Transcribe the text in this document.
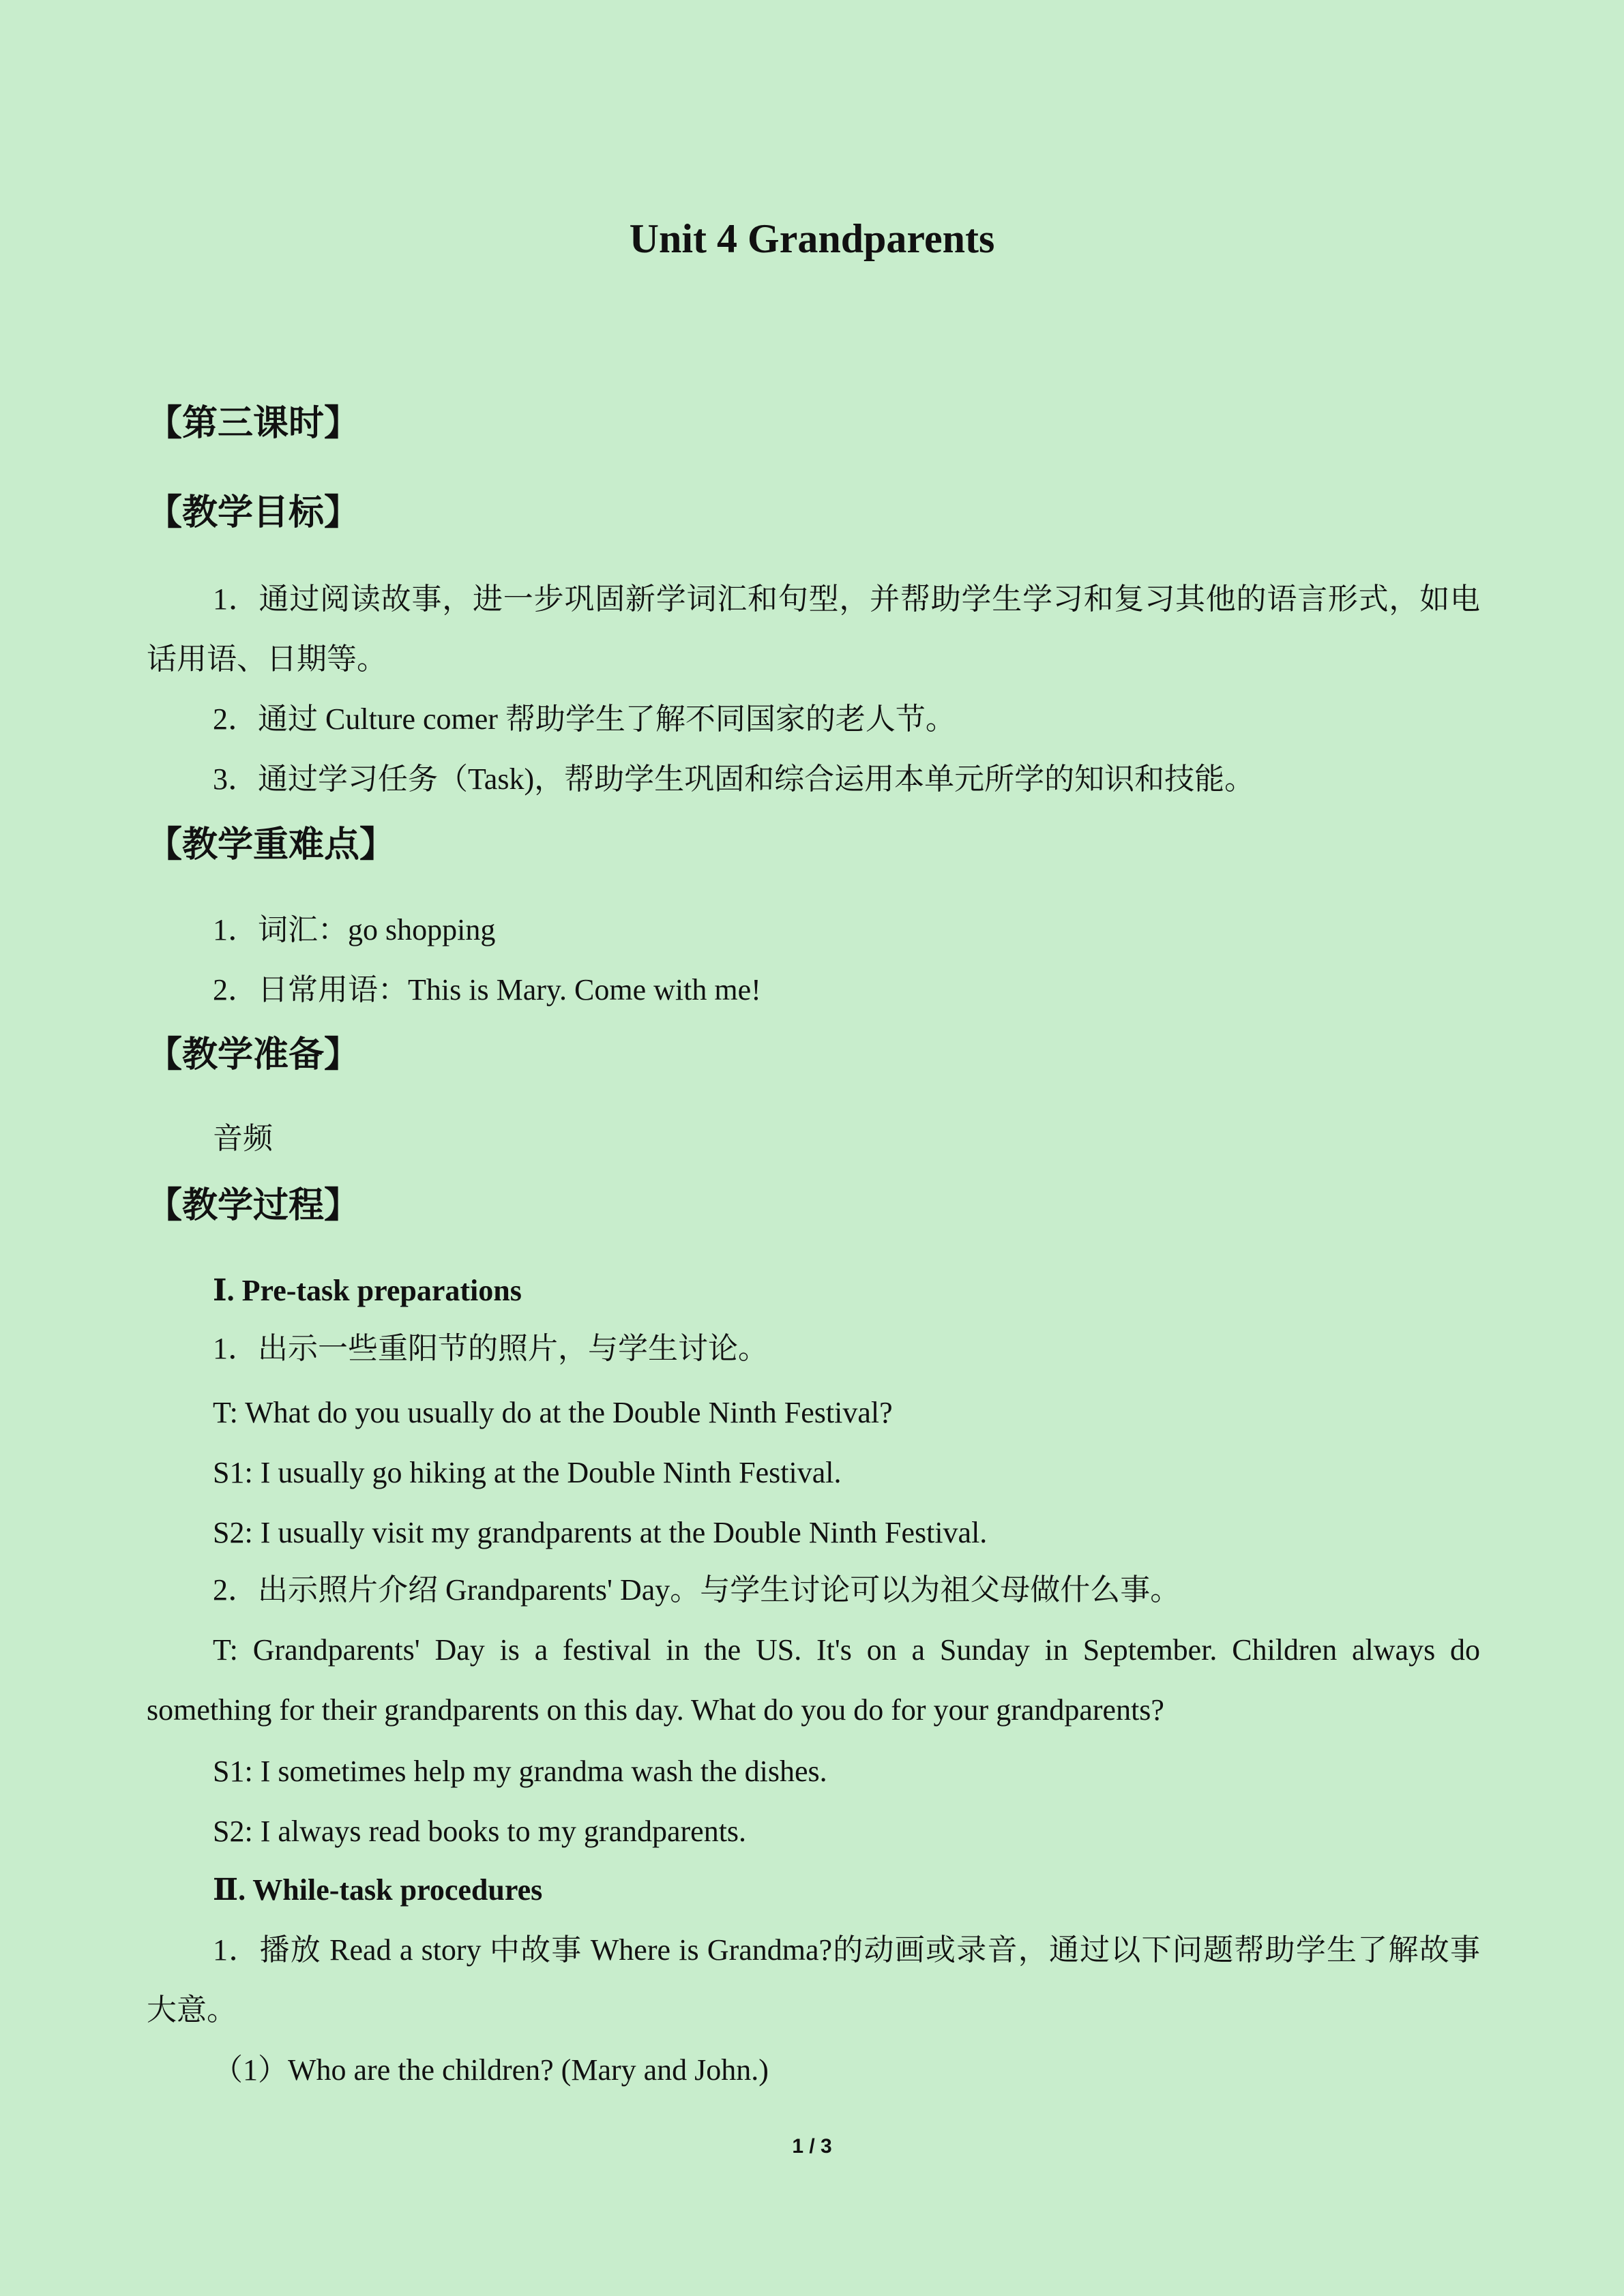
Unit 4 Grandparents
【第三课时】
【教学目标】
1．通过阅读故事，进一步巩固新学词汇和句型，并帮助学生学习和复习其他的语言形式，如电话用语、日期等。
2．通过 Culture comer 帮助学生了解不同国家的老人节。
3．通过学习任务（Task)，帮助学生巩固和综合运用本单元所学的知识和技能。
【教学重难点】
1．词汇：go shopping
2．日常用语：This is Mary. Come with me!
【教学准备】
音频
【教学过程】
Ⅰ. Pre-task preparations
1．出示一些重阳节的照片，与学生讨论。
T: What do you usually do at the Double Ninth Festival?
S1: I usually go hiking at the Double Ninth Festival.
S2: I usually visit my grandparents at the Double Ninth Festival.
2．出示照片介绍 Grandparents' Day。与学生讨论可以为祖父母做什么事。
T: Grandparents' Day is a festival in the US. It's on a Sunday in September. Children always do something for their grandparents on this day. What do you do for your grandparents?
S1: I sometimes help my grandma wash the dishes.
S2: I always read books to my grandparents.
Ⅱ. While-task procedures
1．播放 Read a story 中故事 Where is Grandma?的动画或录音，通过以下问题帮助学生了解故事大意。
（1）Who are the children? (Mary and John.)
1 / 3
